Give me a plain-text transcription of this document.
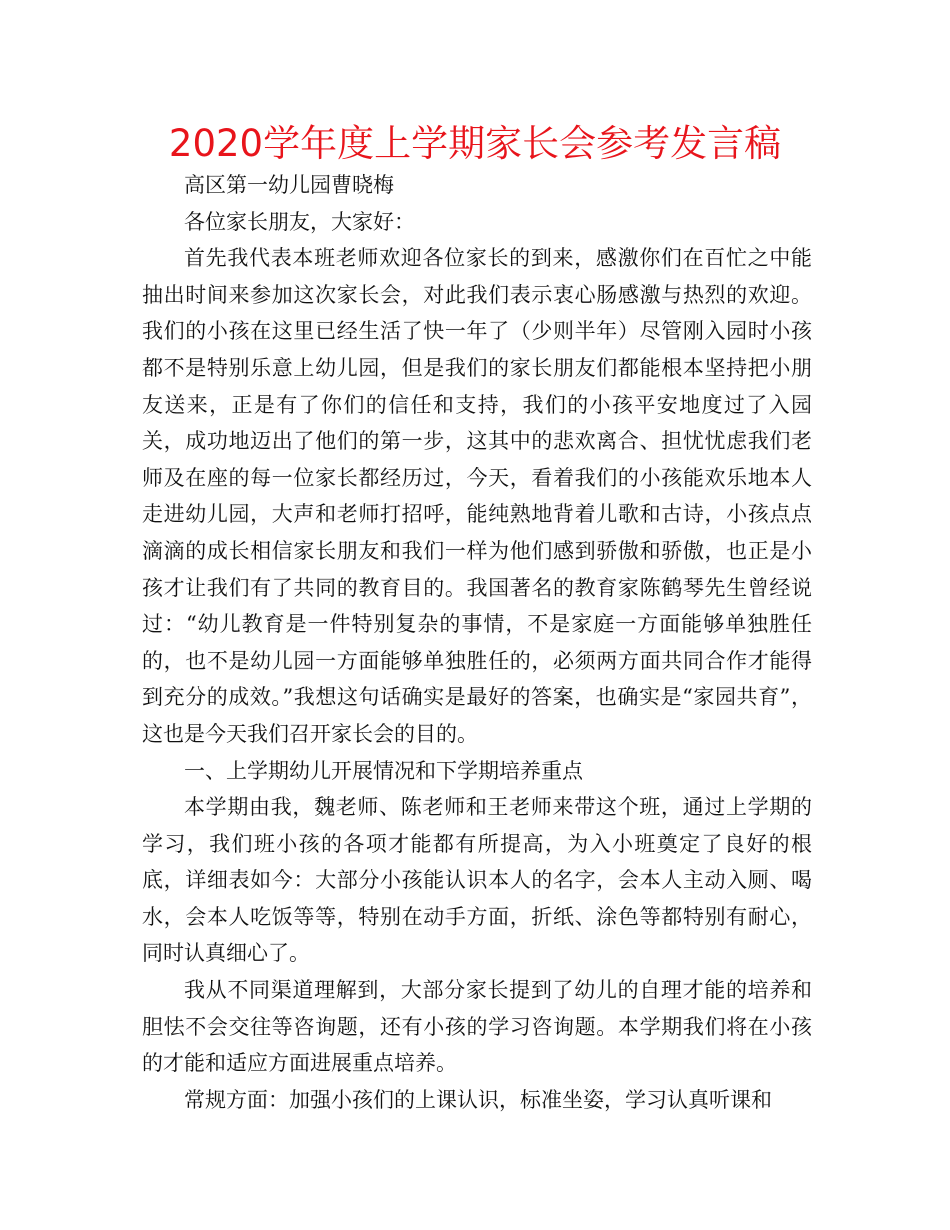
2020学年度上学期家长会参考发言稿

高区第一幼儿园曹晓梅

各位家长朋友，大家好：

首先我代表本班老师欢迎各位家长的到来，感激你们在百忙之中能抽出时间来参加这次家长会，对此我们表示衷心肠感激与热烈的欢迎。我们的小孩在这里已经生活了快一年了（少则半年）尽管刚入园时小孩都不是特别乐意上幼儿园，但是我们的家长朋友们都能根本坚持把小朋友送来，正是有了你们的信任和支持，我们的小孩平安地度过了入园关，成功地迈出了他们的第一步，这其中的悲欢离合、担忧忧虑我们老师及在座的每一位家长都经历过，今天，看着我们的小孩能欢乐地本人走进幼儿园，大声和老师打招呼，能纯熟地背着儿歌和古诗，小孩点点滴滴的成长相信家长朋友和我们一样为他们感到骄傲和骄傲，也正是小孩才让我们有了共同的教育目的。我国著名的教育家陈鹤琴先生曾经说过：“幼儿教育是一件特别复杂的事情，不是家庭一方面能够单独胜任的，也不是幼儿园一方面能够单独胜任的，必须两方面共同合作才能得到充分的成效。”我想这句话确实是最好的答案，也确实是“家园共育”，这也是今天我们召开家长会的目的。

一、上学期幼儿开展情况和下学期培养重点

本学期由我，魏老师、陈老师和王老师来带这个班，通过上学期的学习，我们班小孩的各项才能都有所提高，为入小班奠定了良好的根底，详细表如今：大部分小孩能认识本人的名字，会本人主动入厕、喝水，会本人吃饭等等，特别在动手方面，折纸、涂色等都特别有耐心，同时认真细心了。

我从不同渠道理解到，大部分家长提到了幼儿的自理才能的培养和胆怯不会交往等咨询题，还有小孩的学习咨询题。本学期我们将在小孩的才能和适应方面进展重点培养。

常规方面：加强小孩们的上课认识，标准坐姿，学习认真听课和
